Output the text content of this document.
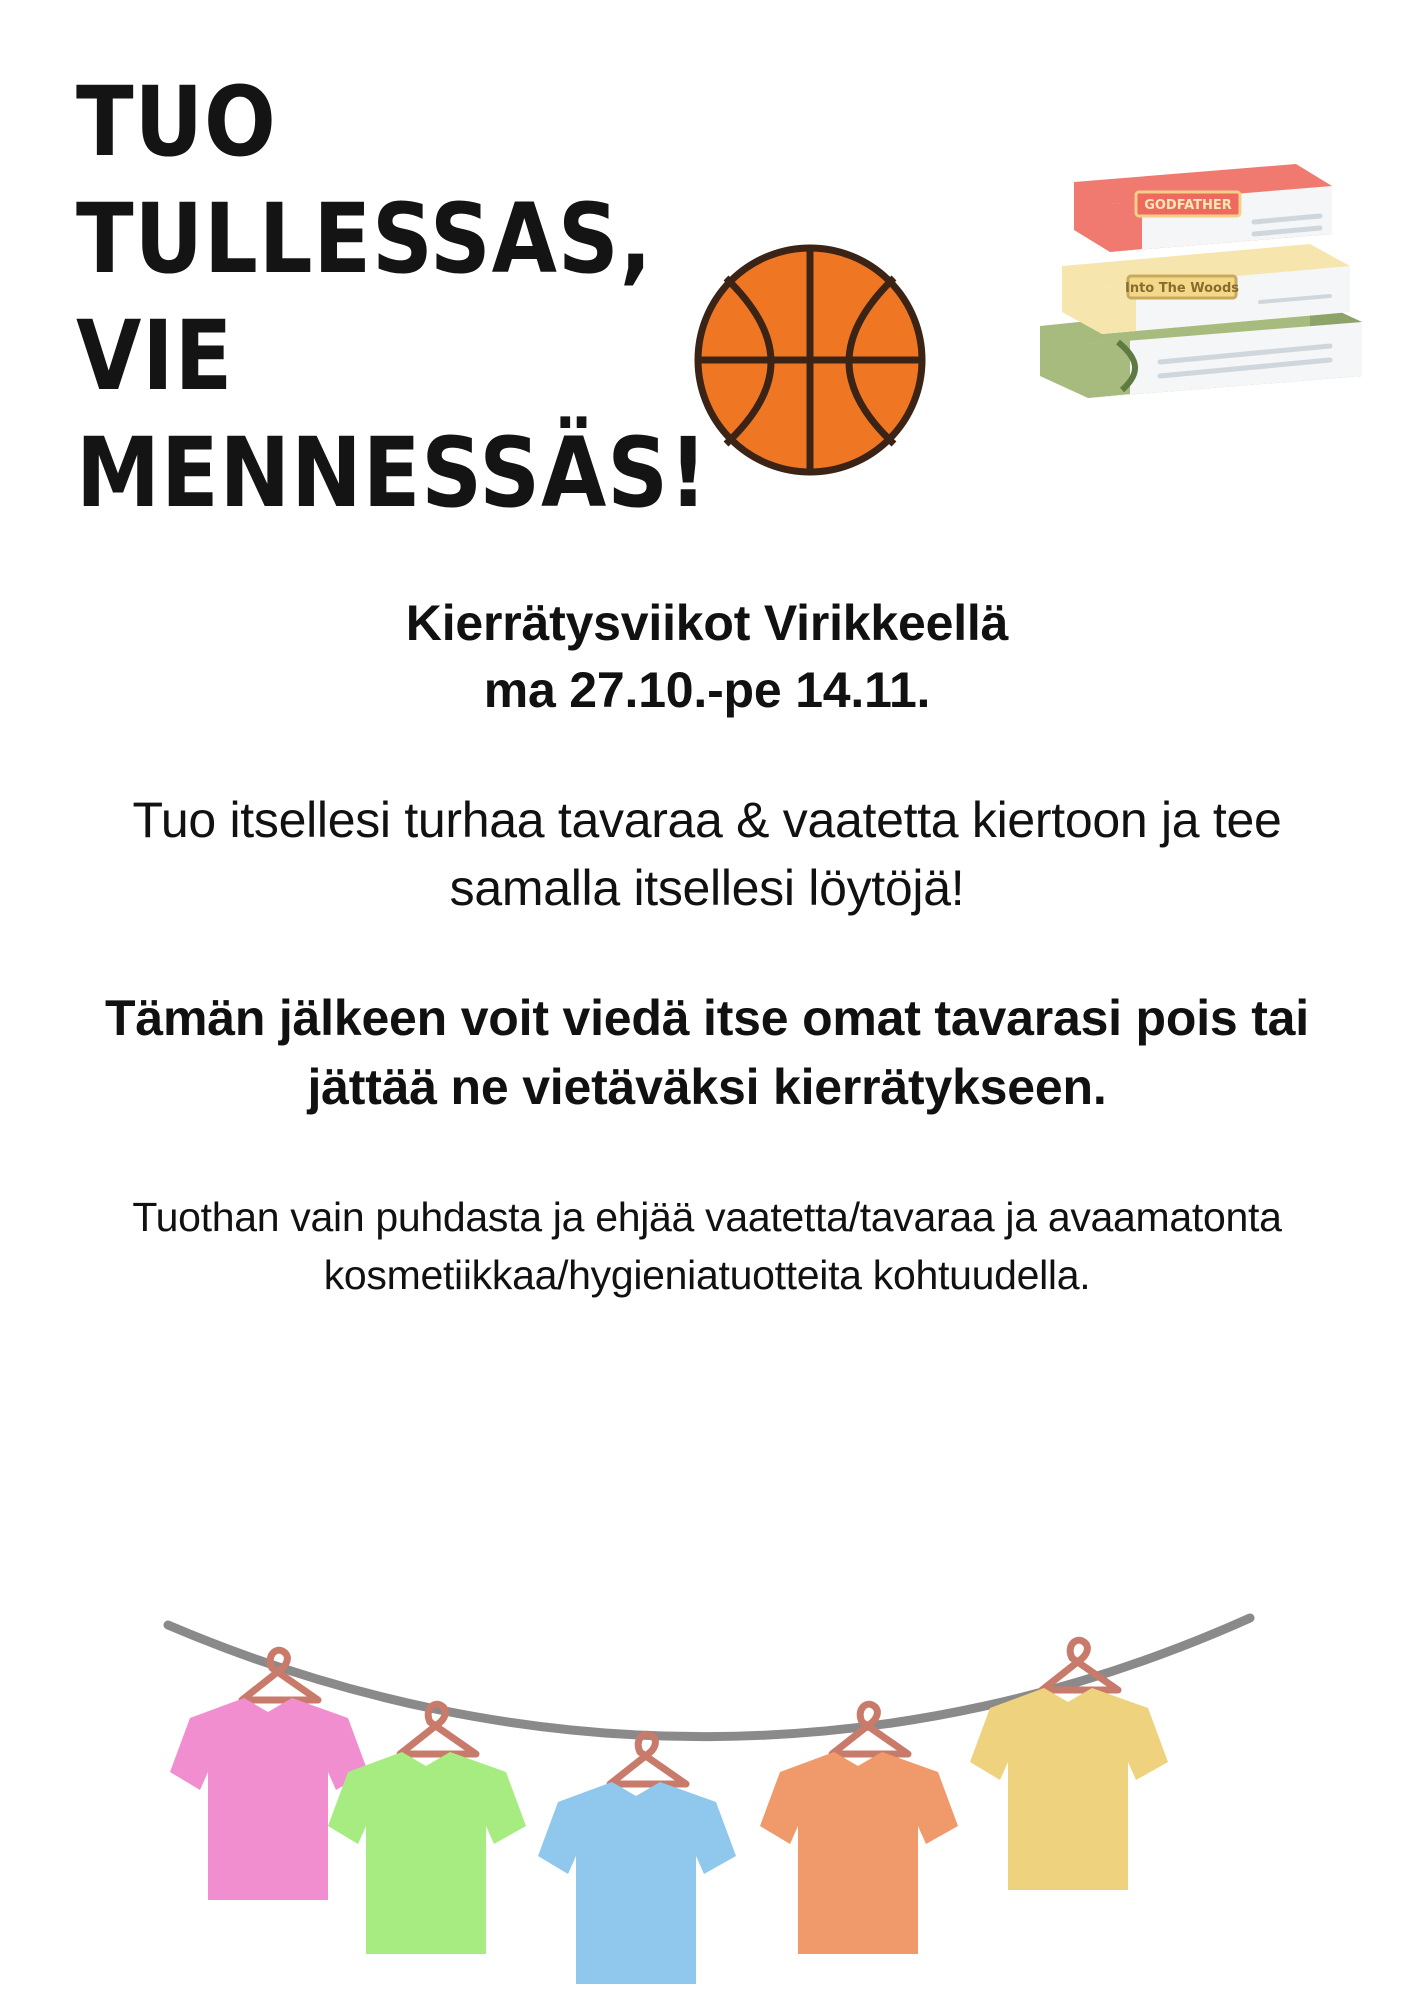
TUO TULLESSAS, VIE MENNESSÄS!
Into The Woods
GODFATHER
Kierrätysviikot Virikkeellä
ma 27.10.-pe 14.11.

Tuo itsellesi turhaa tavaraa & vaatetta kiertoon ja tee samalla itsellesi löytöjä!

Tämän jälkeen voit viedä itse omat tavarasi pois tai jättää ne vietäväksi kierrätykseen.

Tuothan vain puhdasta ja ehjää vaatetta/tavaraa ja avaamatonta kosmetiikkaa/hygieniatuotteita kohtuudella.
